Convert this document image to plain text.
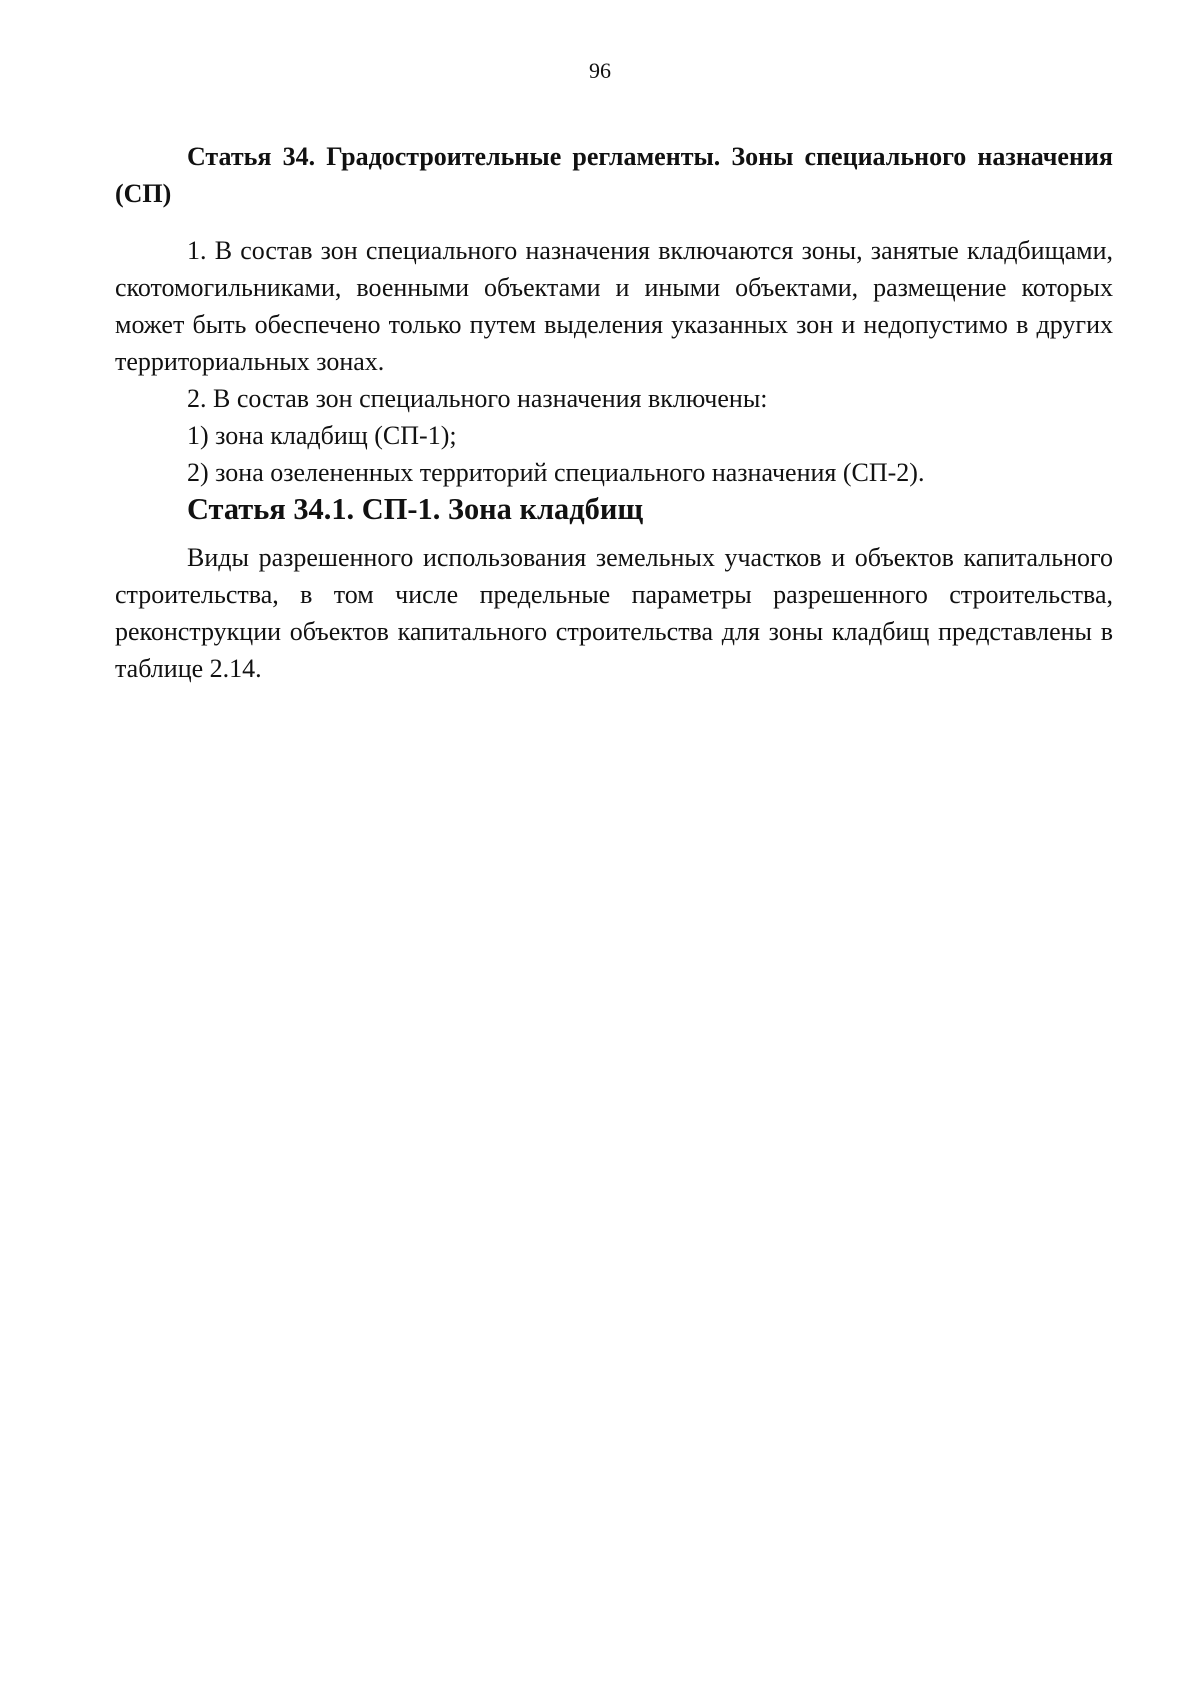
96
Статья 34. Градостроительные регламенты. Зоны специального назначения (СП)

1. В состав зон специального назначения включаются зоны, занятые кладбищами, скотомогильниками, военными объектами и иными объектами, размещение которых может быть обеспечено только путем выделения указанных зон и недопустимо в других территориальных зонах.

2. В состав зон специального назначения включены:

1) зона кладбищ (СП-1);

2) зона озелененных территорий специального назначения (СП-2).

Статья 34.1. СП-1. Зона кладбищ

Виды разрешенного использования земельных участков и объектов капитального строительства, в том числе предельные параметры разрешенного строительства, реконструкции объектов капитального строительства для зоны кладбищ представлены в таблице 2.14.
